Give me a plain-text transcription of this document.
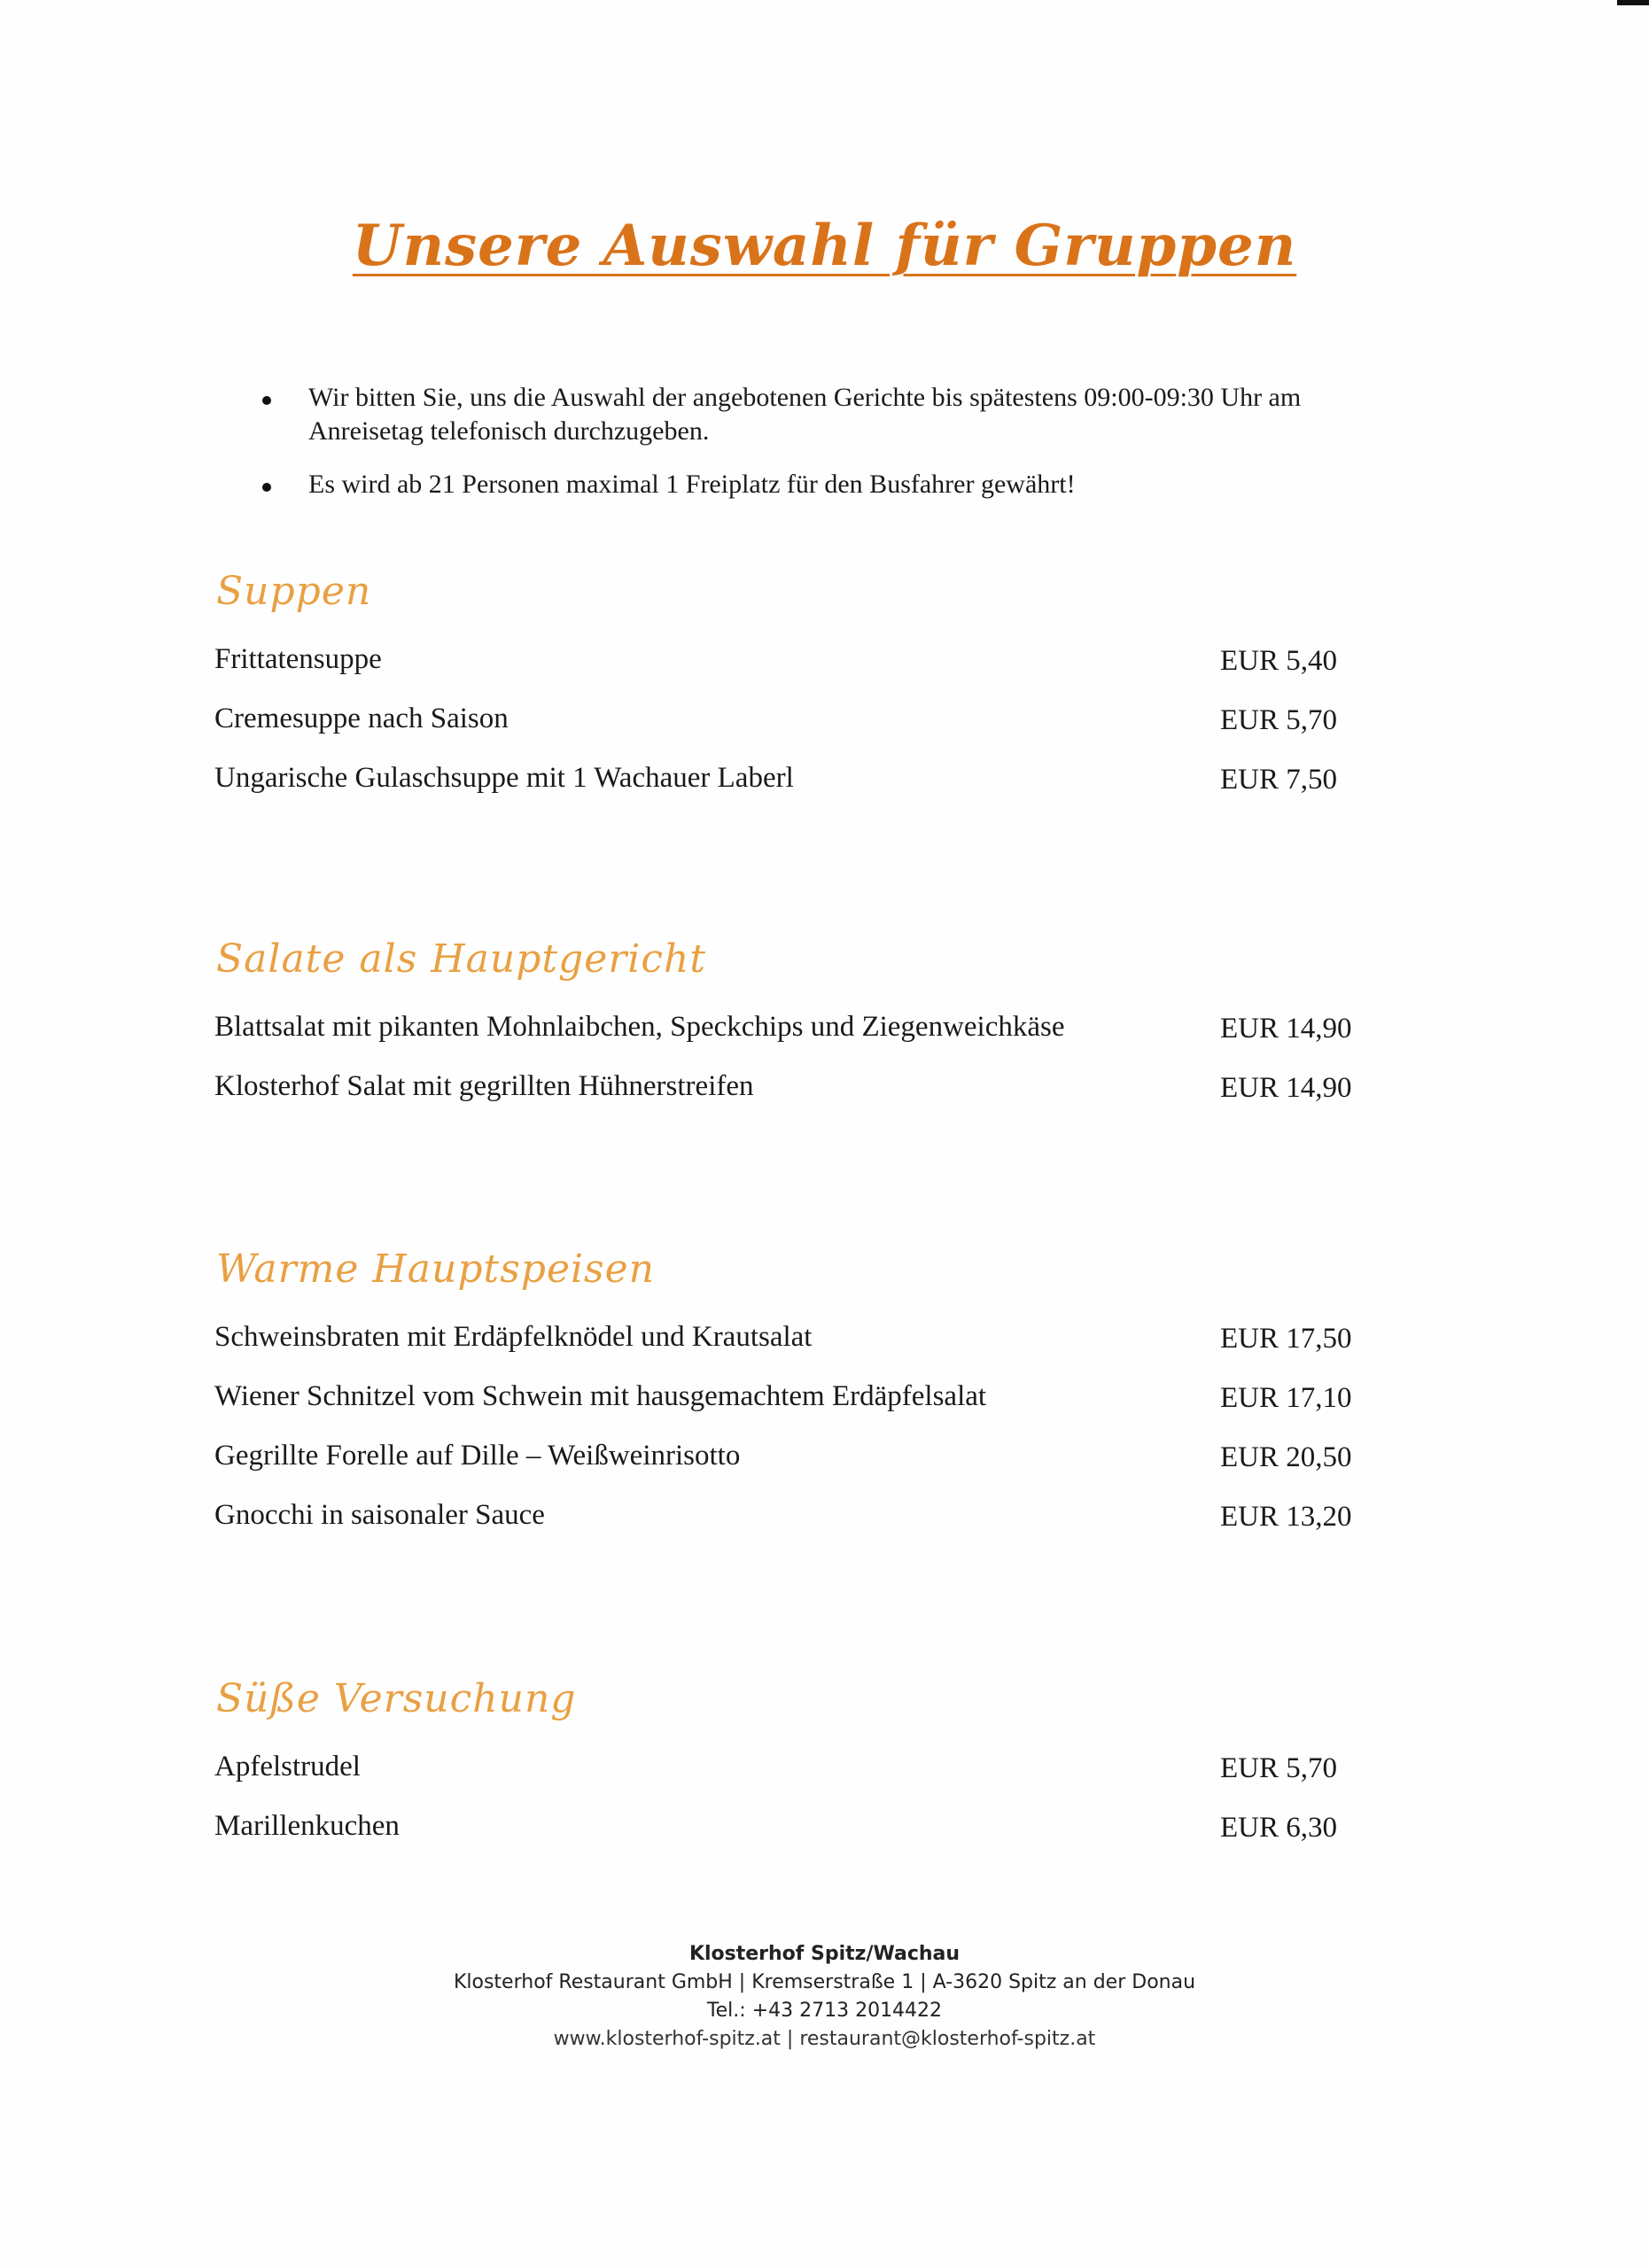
Unsere Auswahl für Gruppen
Wir bitten Sie, uns die Auswahl der angebotenen Gerichte bis spätestens 09:00-09:30 Uhr am Anreisetag telefonisch durchzugeben.
Es wird ab 21 Personen maximal 1 Freiplatz für den Busfahrer gewährt!
Suppen
Frittatensuppe	EUR 5,40
Cremesuppe nach Saison	EUR 5,70
Ungarische Gulaschsuppe mit 1 Wachauer Laberl	EUR 7,50
Salate als Hauptgericht
Blattsalat mit pikanten Mohnlaibchen, Speckchips und Ziegenweichkäse	EUR 14,90
Klosterhof Salat mit gegrillten Hühnerstreifen	EUR 14,90
Warme Hauptspeisen
Schweinsbraten mit Erdäpfelknödel und Krautsalat	EUR 17,50
Wiener Schnitzel vom Schwein mit hausgemachtem Erdäpfelsalat	EUR 17,10
Gegrillte Forelle auf Dille – Weißweinrisotto	EUR 20,50
Gnocchi in saisonaler Sauce	EUR 13,20
Süße Versuchung
Apfelstrudel	EUR 5,70
Marillenkuchen	EUR 6,30
Klosterhof Spitz/Wachau
Klosterhof Restaurant GmbH | Kremserstraße 1 | A-3620 Spitz an der Donau
Tel.: +43 2713 2014422
www.klosterhof-spitz.at | restaurant@klosterhof-spitz.at
